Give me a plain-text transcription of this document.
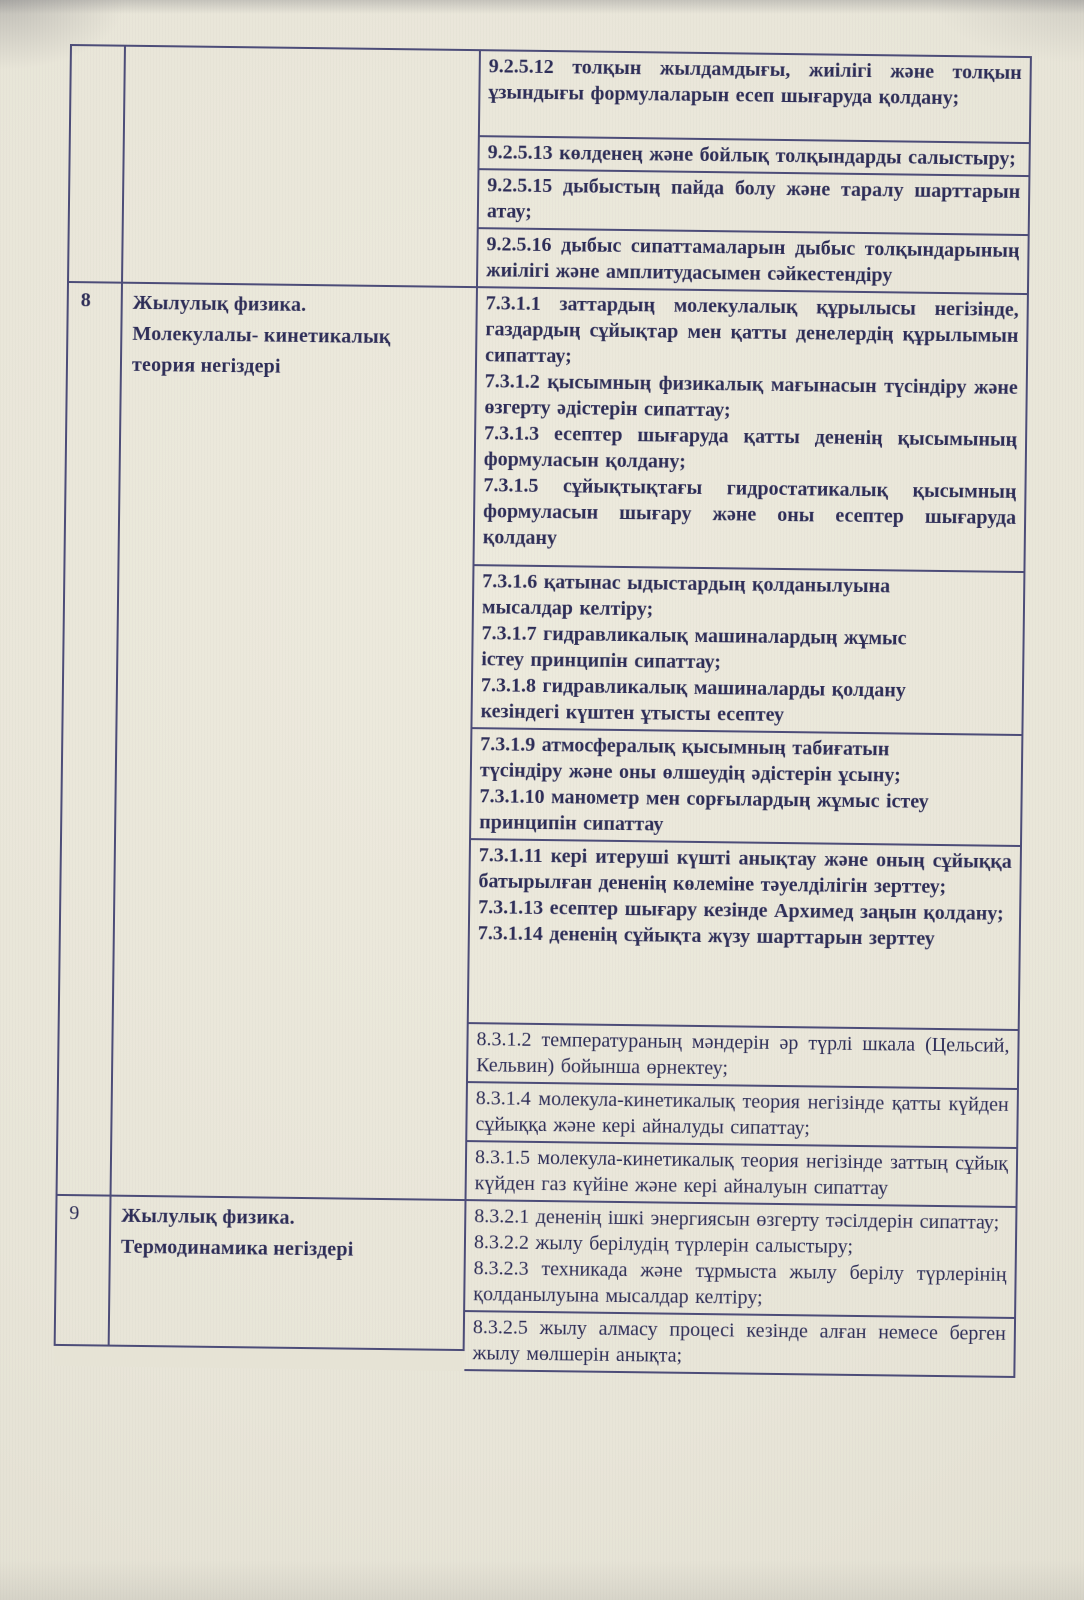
9.2.5.12 толқын жылдамдығы, жиілігі және толқын ұзындығы формулаларын есеп шығаруда қолдану;

9.2.5.13 көлденең және бойлық толқындарды салыстыру;

9.2.5.15 дыбыстың пайда болу және таралу шарттарын атау;

9.2.5.16 дыбыс сипаттамаларын дыбыс толқындарының жиілігі және амплитудасымен сәйкестендіру

8	Жылулық физика.
Молекулалы- кинетикалық
теория негіздері

7.3.1.1 заттардың молекулалық құрылысы негізінде, газдардың сұйықтар мен қатты денелердің құрылымын сипаттау;

7.3.1.2 қысымның физикалық мағынасын түсіндіру және өзгерту әдістерін сипаттау;

7.3.1.3 есептер шығаруда қатты дененің қысымының формуласын қолдану;

7.3.1.5 сұйықтықтағы гидростатикалық қысымның формуласын шығару және оны есептер шығаруда қолдану

7.3.1.6 қатынас ыдыстардың қолданылуына
мысалдар келтіру;

7.3.1.7 гидравликалық машиналардың жұмыс
істеу принципін сипаттау;

7.3.1.8 гидравликалық машиналарды қолдану
кезіндегі күштен ұтысты есептеу

7.3.1.9 атмосфералық қысымның табиғатын
түсіндіру және оны өлшеудің әдістерін ұсыну;

7.3.1.10 манометр мен сорғылардың жұмыс істеу
принципін сипаттау

7.3.1.11 кері итеруші күшті анықтау және оның сұйыққа батырылған дененің көлеміне тәуелділігін зерттеу;

7.3.1.13 есептер шығару кезінде Архимед заңын қолдану;

7.3.1.14 дененің сұйықта жүзу шарттарын зерттеу

8.3.1.2 температураның мәндерін әр түрлі шкала (Цельсий, Кельвин) бойынша өрнектеу;

8.3.1.4 молекула-кинетикалық теория негізінде қатты күйден сұйыққа және кері айналуды сипаттау;

8.3.1.5 молекула-кинетикалық теория негізінде заттың сұйық күйден газ күйіне және кері айналуын сипаттау

9	Жылулық физика.
Термодинамика негіздері

8.3.2.1 дененің ішкі энергиясын өзгерту тәсілдерін сипаттау;

8.3.2.2 жылу берілудің түрлерін салыстыру;

8.3.2.3 техникада және тұрмыста жылу берілу түрлерінің қолданылуына мысалдар келтіру;

8.3.2.5 жылу алмасу процесі кезінде алған немесе берген жылу мөлшерін анықта;
